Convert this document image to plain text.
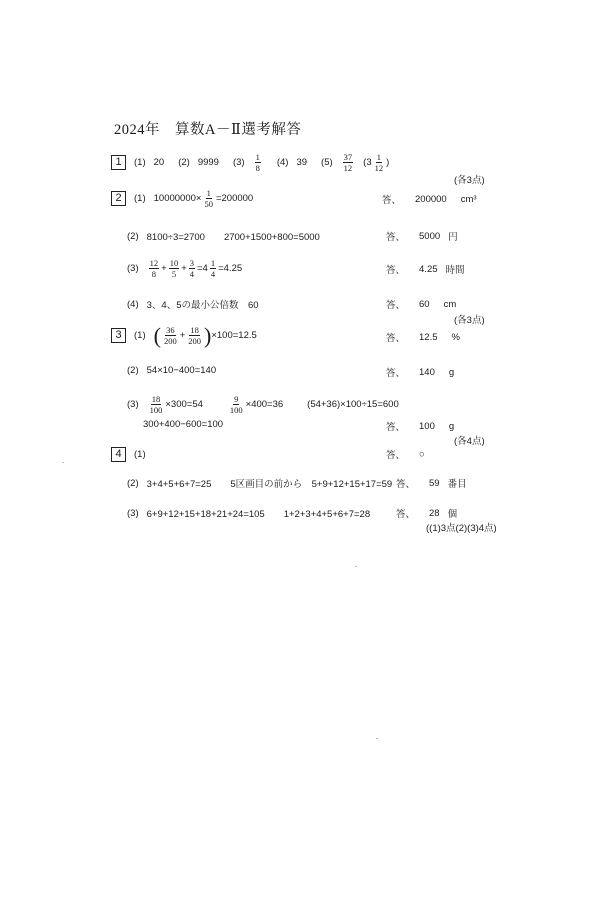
2024年　算数A－Ⅱ選考解答
1	(1) 20 (2) 9999 $(3) \frac{1}{8} (4)$ 39 $(5) \frac{37}{12} (3 \frac{1}{12}$ )
(各3点)
2	(1) $10000000\times \frac{1}{50} =200000$	答、 200000 cm³
(2) 8100÷3=2700　　2700+1500+800=5000	答、 5000 円
$(3) \frac{12}{8} + \frac{10}{5} + \frac{3}{4} =4 \frac{1}{4} =4.25$	答、 4.25 時間
(4) 3、4、5の最小公倍数　60	答、 60 cm
(各3点)
3	(1) ( $\frac{36}{200} + \frac{18}{200}$ ) ×100=12.5	答、 12.5 %
(2) 54×10−400=140	答、 140 g
$(3) \frac{18}{100} \times 300=54$	$\frac{9}{100} \times 400=36$	(54+36)×100÷15=600
300+400−600=100	答、 100 g
(各4点)
4	(1)	答、 ○
(2) 3+4+5+6+7=25　　5区画目の前から　5+9+12+15+17=59 答、 59 番目
(3) 6+9+12+15+18+21+24=105　　1+2+3+4+5+6+7=28	答、 28 個
((1)3点(2)(3)4点)
